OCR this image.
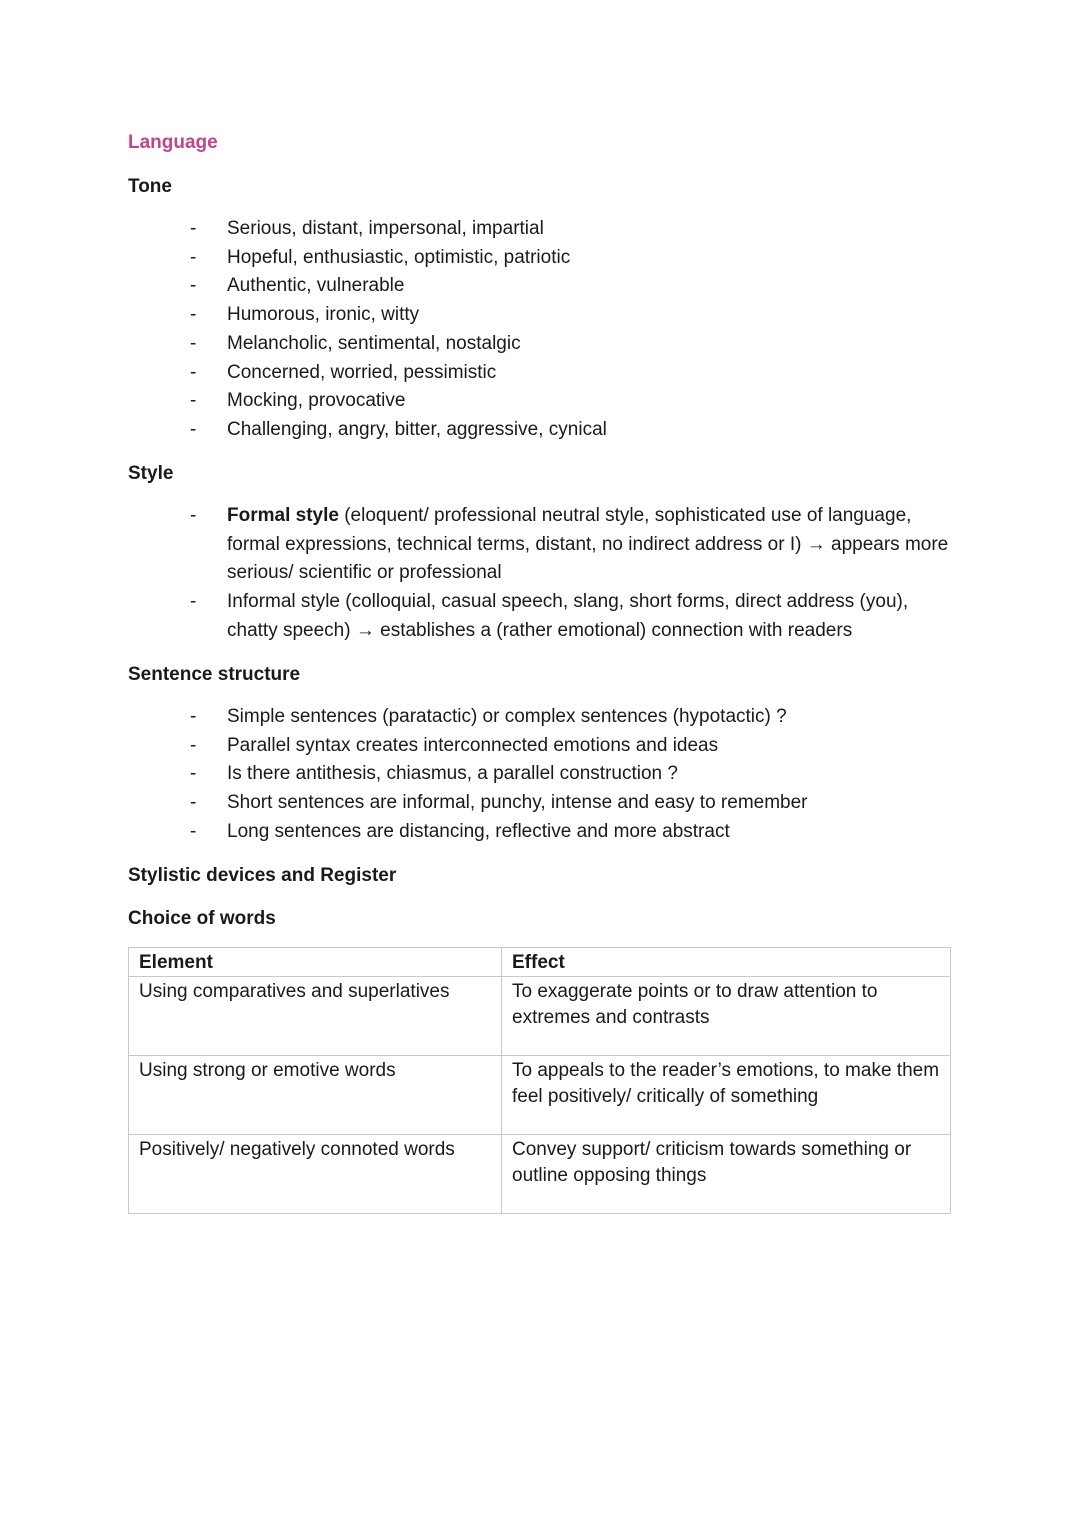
Language
Tone
- Serious, distant, impersonal, impartial
- Hopeful, enthusiastic, optimistic, patriotic
- Authentic, vulnerable
- Humorous, ironic, witty
- Melancholic, sentimental, nostalgic
- Concerned, worried, pessimistic
- Mocking, provocative
- Challenging, angry, bitter, aggressive, cynical
Style
- Formal style (eloquent/ professional neutral style, sophisticated use of language, formal expressions, technical terms, distant, no indirect address or I) → appears more serious/ scientific or professional
- Informal style (colloquial, casual speech, slang, short forms, direct address (you), chatty speech) → establishes a (rather emotional) connection with readers
Sentence structure
- Simple sentences (paratactic) or complex sentences (hypotactic) ?
- Parallel syntax creates interconnected emotions and ideas
- Is there antithesis, chiasmus, a parallel construction ?
- Short sentences are informal, punchy, intense and easy to remember
- Long sentences are distancing, reflective and more abstract
Stylistic devices and Register
Choice of words
Element	Effect
Using comparatives and superlatives	To exaggerate points or to draw attention to extremes and contrasts
Using strong or emotive words	To appeals to the reader’s emotions, to make them feel positively/ critically of something
Positively/ negatively connoted words	Convey support/ criticism towards something or outline opposing things
